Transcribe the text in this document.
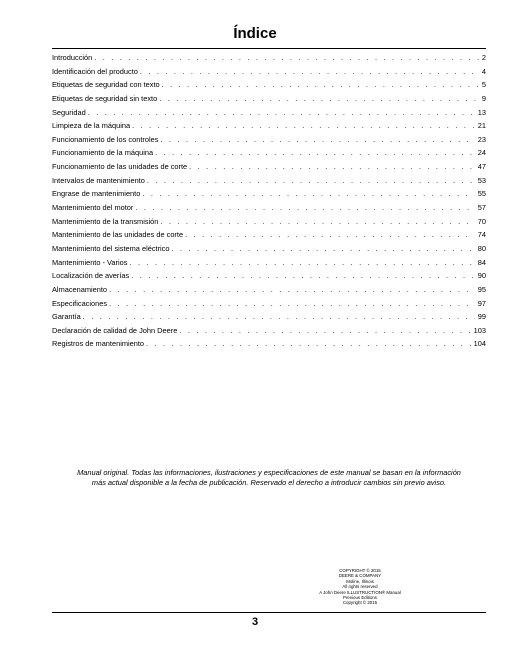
Índice
Introducción . . .	2
Identificación del producto . . .	4
Etiquetas de seguridad con texto . . .	5
Etiquetas de seguridad sin texto . . .	9
Seguridad . . .	13
Limpieza de la máquina . . .	21
Funcionamiento de los controles . . .	23
Funcionamiento de la máquina . . .	24
Funcionamiento de las unidades de corte . . .	47
Intervalos de mantenimiento . . .	53
Engrase de mantenimiento . . .	55
Mantenimiento del motor . . .	57
Mantenimiento de la transmisión . . .	70
Mantenimiento de las unidades de corte . . .	74
Mantenimiento del sistema eléctrico . . .	80
Mantenimiento - Varios . . .	84
Localización de averías . . .	90
Almacenamiento . . .	95
Especificaciones . . .	97
Garantía . . .	99
Declaración de calidad de John Deere . . .	103
Registros de mantenimiento . . .	104
Manual original. Todas las informaciones, ilustraciones y especificaciones de este manual se basan en la información
más actual disponible a la fecha de publicación. Reservado el derecho a introducir cambios sin previo aviso.
COPYRIGHT © 2015
DEERE & COMPANY
Moline, Illinois
All rights reserved
A John Deere ILLUSTRUCTION® Manual
Previous Editions
Copyright © 2015
3
